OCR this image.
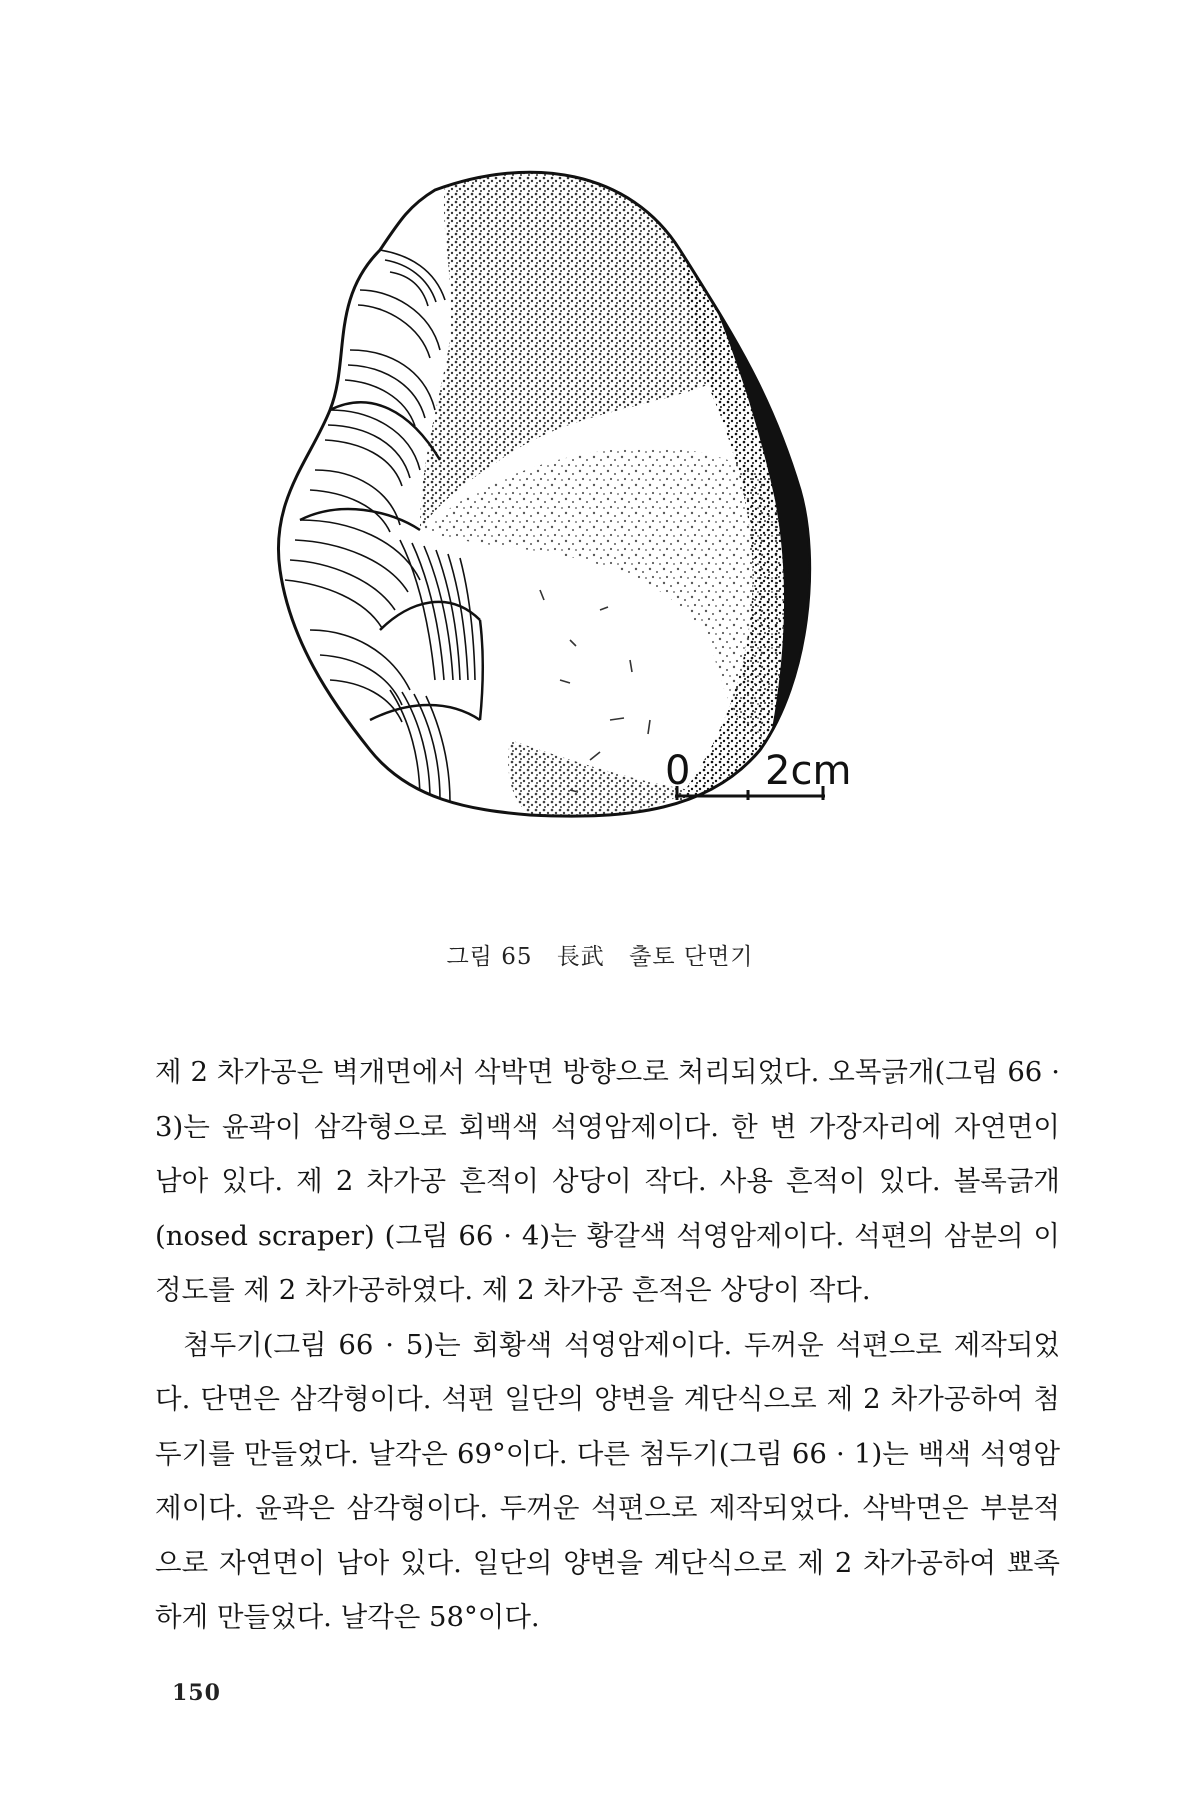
0 2cm
그림 65 長武 출토 단면기

제 2 차가공은 벽개면에서 삭박면 방향으로 처리되었다. 오목긁개(그림 66 · 3)는 윤곽이 삼각형으로 회백색 석영암제이다. 한 변 가장자리에 자연면이 남아 있다. 제 2 차가공 흔적이 상당이 작다. 사용 흔적이 있다. 볼록긁개 (nosed scraper) (그림 66 · 4)는 황갈색 석영암제이다. 석편의 삼분의 이 정도를 제 2 차가공하였다. 제 2 차가공 흔적은 상당이 작다.

첨두기(그림 66 · 5)는 회황색 석영암제이다. 두꺼운 석편으로 제작되었다. 단면은 삼각형이다. 석편 일단의 양변을 계단식으로 제 2 차가공하여 첨두기를 만들었다. 날각은 69°이다. 다른 첨두기(그림 66 · 1)는 백색 석영암제이다. 윤곽은 삼각형이다. 두꺼운 석편으로 제작되었다. 삭박면은 부분적으로 자연면이 남아 있다. 일단의 양변을 계단식으로 제 2 차가공하여 뾰족하게 만들었다. 날각은 58°이다.

150
